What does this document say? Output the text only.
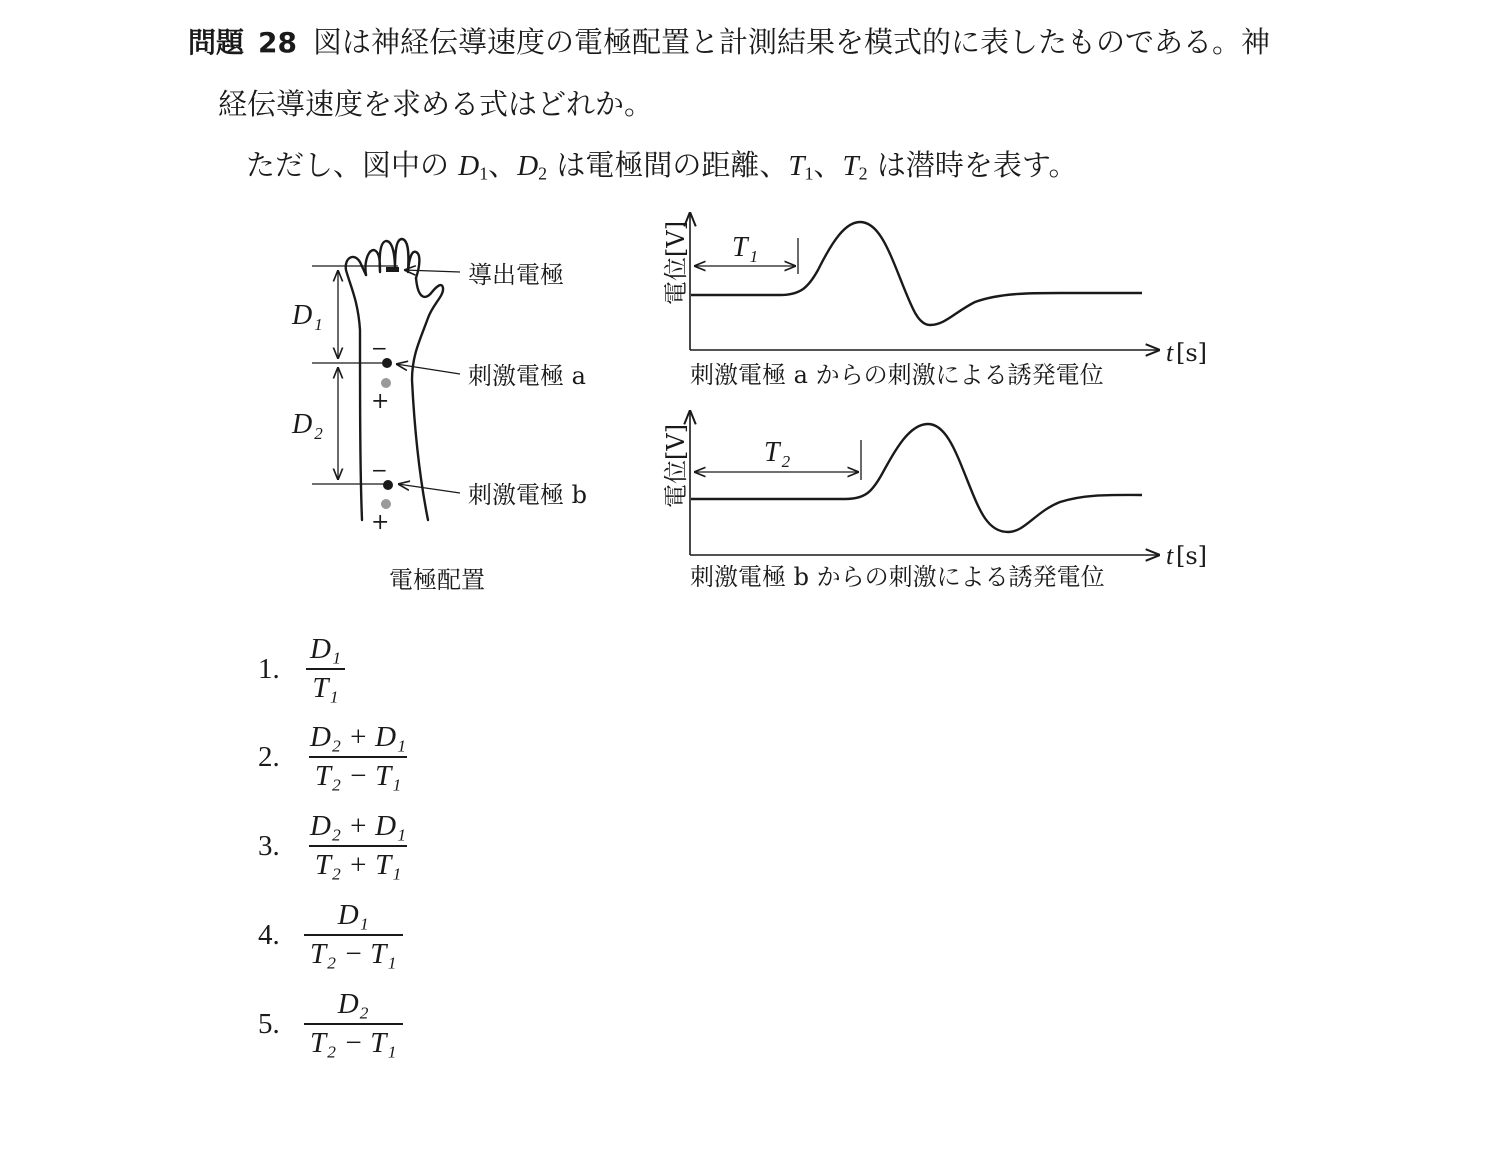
問題 28 図は神経伝導速度の電極配置と計測結果を模式的に表したものである。神
経伝導速度を求める式はどれか。
ただし、図中の $D_1$、$D_2$ は電極間の距離、$T_1$、$T_2$ は潜時を表す。
−
+
−
+
D $_1$
D $_2$
導出電極
刺激電極 a
刺激電極 b
電極配置
電位[V]
t [s]
T $_1$
刺激電極 a からの刺激による誘発電位
電位[V]
t [s]
T $_2$
刺激電極 b からの刺激による誘発電位
1. $\frac{\text{D₁}}{\text{T₁}}$
2. $\frac{\text{D₂ + D₁}}{\text{T₂ − T₁}}$
3. $\frac{\text{D₂ + D₁}}{\text{T₂ + T₁}}$
4. $\frac{\text{D₁}}{\text{T₂ − T₁}}$
5. $\frac{\text{D₂}}{\text{T₂ − T₁}}$
